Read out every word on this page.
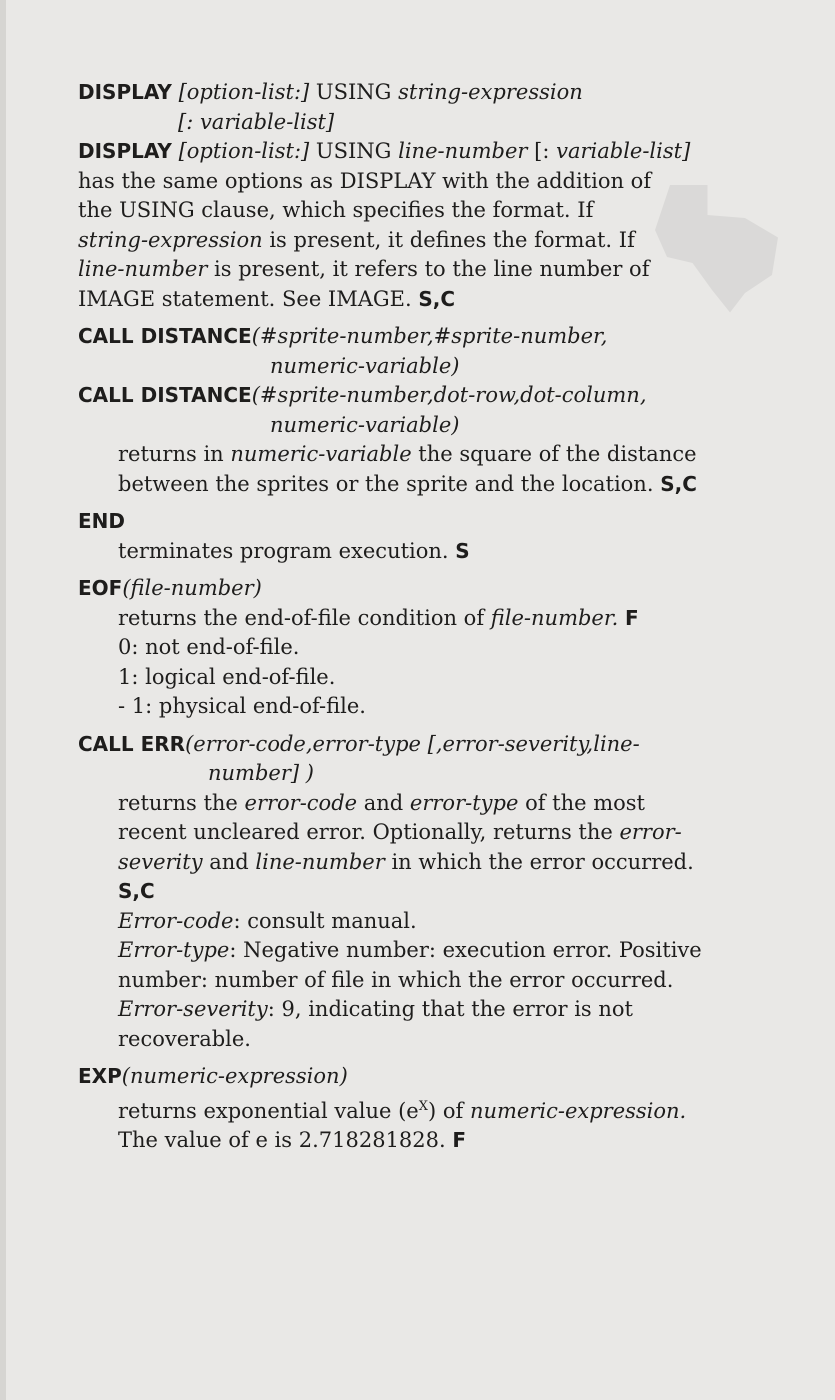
DISPLAY [option-list:] USING string-expression
[: variable-list]
DISPLAY [option-list:] USING line-number [: variable-list]
has the same options as DISPLAY with the addition of
the USING clause, which specifies the format. If
string-expression is present, it defines the format. If
line-number is present, it refers to the line number of
IMAGE statement. See IMAGE. S,C
CALL DISTANCE(#sprite-number,#sprite-number,
numeric-variable)
CALL DISTANCE(#sprite-number,dot-row,dot-column,
numeric-variable)
returns in numeric-variable the square of the distance
between the sprites or the sprite and the location. S,C
END
terminates program execution. S
EOF(file-number)
returns the end-of-file condition of file-number. F
0: not end-of-file.
1: logical end-of-file.
- 1: physical end-of-file.
CALL ERR(error-code,error-type [,error-severity,line-
number] )
returns the error-code and error-type of the most
recent uncleared error. Optionally, returns the error-
severity and line-number in which the error occurred.
S,C
Error-code: consult manual.
Error-type: Negative number: execution error. Positive
number: number of file in which the error occurred.
Error-severity: 9, indicating that the error is not
recoverable.
EXP(numeric-expression)
returns exponential value $(e^X)$ of numeric-expression.
The value of e is 2.718281828. F
